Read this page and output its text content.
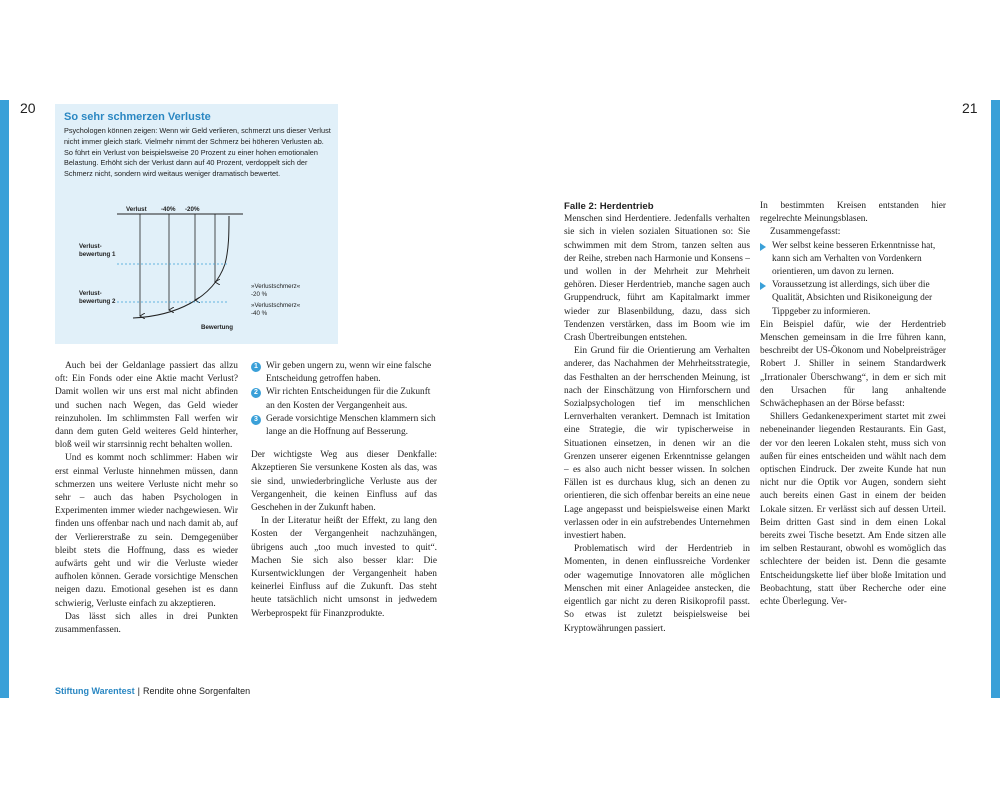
20	21
So sehr schmerzen Verluste

Psychologen können zeigen: Wenn wir Geld verlieren, schmerzt uns dieser Verlust nicht immer gleich stark. Vielmehr nimmt der Schmerz bei höheren Verlusten ab. So führt ein Verlust von beispielsweise 20 Prozent zu einer hohen emotionalen Belastung. Erhöht sich der Verlust dann auf 40 Prozent, verdoppelt sich der Schmerz nicht, sondern wird weitaus weniger dramatisch bewertet.

Verlust -40% -20%
Verlust-
bewertung 1
Verlust-
bewertung 2
»Verlustschmerz«
-20 %
»Verlustschmerz«
-40 %
Bewertung

Auch bei der Geldanlage passiert das allzu oft: Ein Fonds oder eine Aktie macht Verlust? Damit wollen wir uns erst mal nicht abfinden und suchen nach Wegen, das Geld wieder reinzuholen. Im schlimmsten Fall werfen wir dann dem guten Geld weiteres Geld hinterher, bloß weil wir starrsinnig recht behalten wollen.

Und es kommt noch schlimmer: Haben wir erst einmal Verluste hinnehmen müssen, dann schmerzen uns weitere Verluste nicht mehr so sehr – auch das haben Psychologen in Experimenten immer wieder nachgewiesen. Wir finden uns offenbar nach und nach damit ab, auf der Verliererstraße zu sein. Demgegenüber bleibt stets die Hoffnung, dass es wieder aufwärts geht und wir die Verluste wieder aufholen können. Gerade vorsichtige Menschen neigen dazu. Emotional gesehen ist es dann schwierig, Verluste einfach zu akzeptieren.

Das lässt sich alles in drei Punkten zusammenfassen.

1 Wir geben ungern zu, wenn wir eine falsche Entscheidung getroffen haben.
2 Wir richten Entscheidungen für die Zukunft an den Kosten der Vergangenheit aus.
3 Gerade vorsichtige Menschen klammern sich lange an die Hoffnung auf Besserung.

Der wichtigste Weg aus dieser Denkfalle: Akzeptieren Sie versunkene Kosten als das, was sie sind, unwiederbringliche Verluste aus der Vergangenheit, die keinen Einfluss auf das Geschehen in der Zukunft haben.

In der Literatur heißt der Effekt, zu lang den Kosten der Vergangenheit nachzuhängen, übrigens auch „too much invested to quit“. Machen Sie sich also besser klar: Die Kursentwicklungen der Vergangenheit haben keinerlei Einfluss auf die Zukunft. Das steht heute tatsächlich nicht umsonst in jedwedem Werbeprospekt für Finanzprodukte.

Falle 2: Herdentrieb

Menschen sind Herdentiere. Jedenfalls verhalten sie sich in vielen sozialen Situationen so: Sie schwimmen mit dem Strom, tanzen selten aus der Reihe, streben nach Harmonie und Konsens – und wollen in der Mehrheit zur Mehrheit gehören. Dieser Herdentrieb, manche sagen auch Gruppendruck, führt am Kapitalmarkt immer wieder zur Blasenbildung, dazu, dass sich Tendenzen verstärken, dass im Boom wie im Crash Übertreibungen entstehen.

Ein Grund für die Orientierung am Verhalten anderer, das Nachahmen der Mehrheitsstrategie, das Festhalten an der herrschenden Meinung, ist nach der Einschätzung von Hirnforschern und Sozialpsychologen tief im menschlichen Lernverhalten verankert. Demnach ist Imitation eine Strategie, die wir typischerweise in Situationen einsetzen, in denen wir an die Grenzen unserer eigenen Erkenntnisse gelangen – es also auch nicht besser wissen. In solchen Fällen ist es durchaus klug, sich an denen zu orientieren, die sich offenbar bereits an eine neue Lage angepasst und beispielsweise einen Markt verlassen oder in ein aufstrebendes Unternehmen investiert haben.

Problematisch wird der Herdentrieb in Momenten, in denen einflussreiche Vordenker oder wagemutige Innovatoren alle möglichen Menschen mit einer Anlageidee anstecken, die eigentlich gar nicht zu deren Risikoprofil passt. So etwas ist zuletzt beispielsweise bei Kryptowährungen passiert.

In bestimmten Kreisen entstanden hier regelrechte Meinungsblasen.

Zusammengefasst:

Wer selbst keine besseren Erkenntnisse hat, kann sich am Verhalten von Vordenkern orientieren, um davon zu lernen.
Voraussetzung ist allerdings, sich über die Qualität, Absichten und Risikoneigung der Tippgeber zu informieren.

Ein Beispiel dafür, wie der Herdentrieb Menschen gemeinsam in die Irre führen kann, beschreibt der US-Ökonom und Nobelpreisträger Robert J. Shiller in seinem Standardwerk „Irrationaler Überschwang“, in dem er sich mit den Ursachen für lang anhaltende Schwächephasen an der Börse befasst:

Shillers Gedankenexperiment startet mit zwei nebeneinander liegenden Restaurants. Ein Gast, der vor den leeren Lokalen steht, muss sich von außen für eines entscheiden und wählt nach dem optischen Eindruck. Der zweite Kunde hat nun nicht nur die Optik vor Augen, sondern sieht auch bereits einen Gast in einem der beiden Lokale sitzen. Er verlässt sich auf dessen Urteil. Beim dritten Gast sind in dem einen Lokal bereits zwei Tische besetzt. Am Ende sitzen alle im selben Restaurant, obwohl es womöglich das schlechtere der beiden ist. Denn die gesamte Entscheidungskette lief über bloße Imitation und Beobachtung, statt über Recherche oder eine echte Überlegung. Ver-

Stiftung Warentest | Rendite ohne Sorgenfalten
